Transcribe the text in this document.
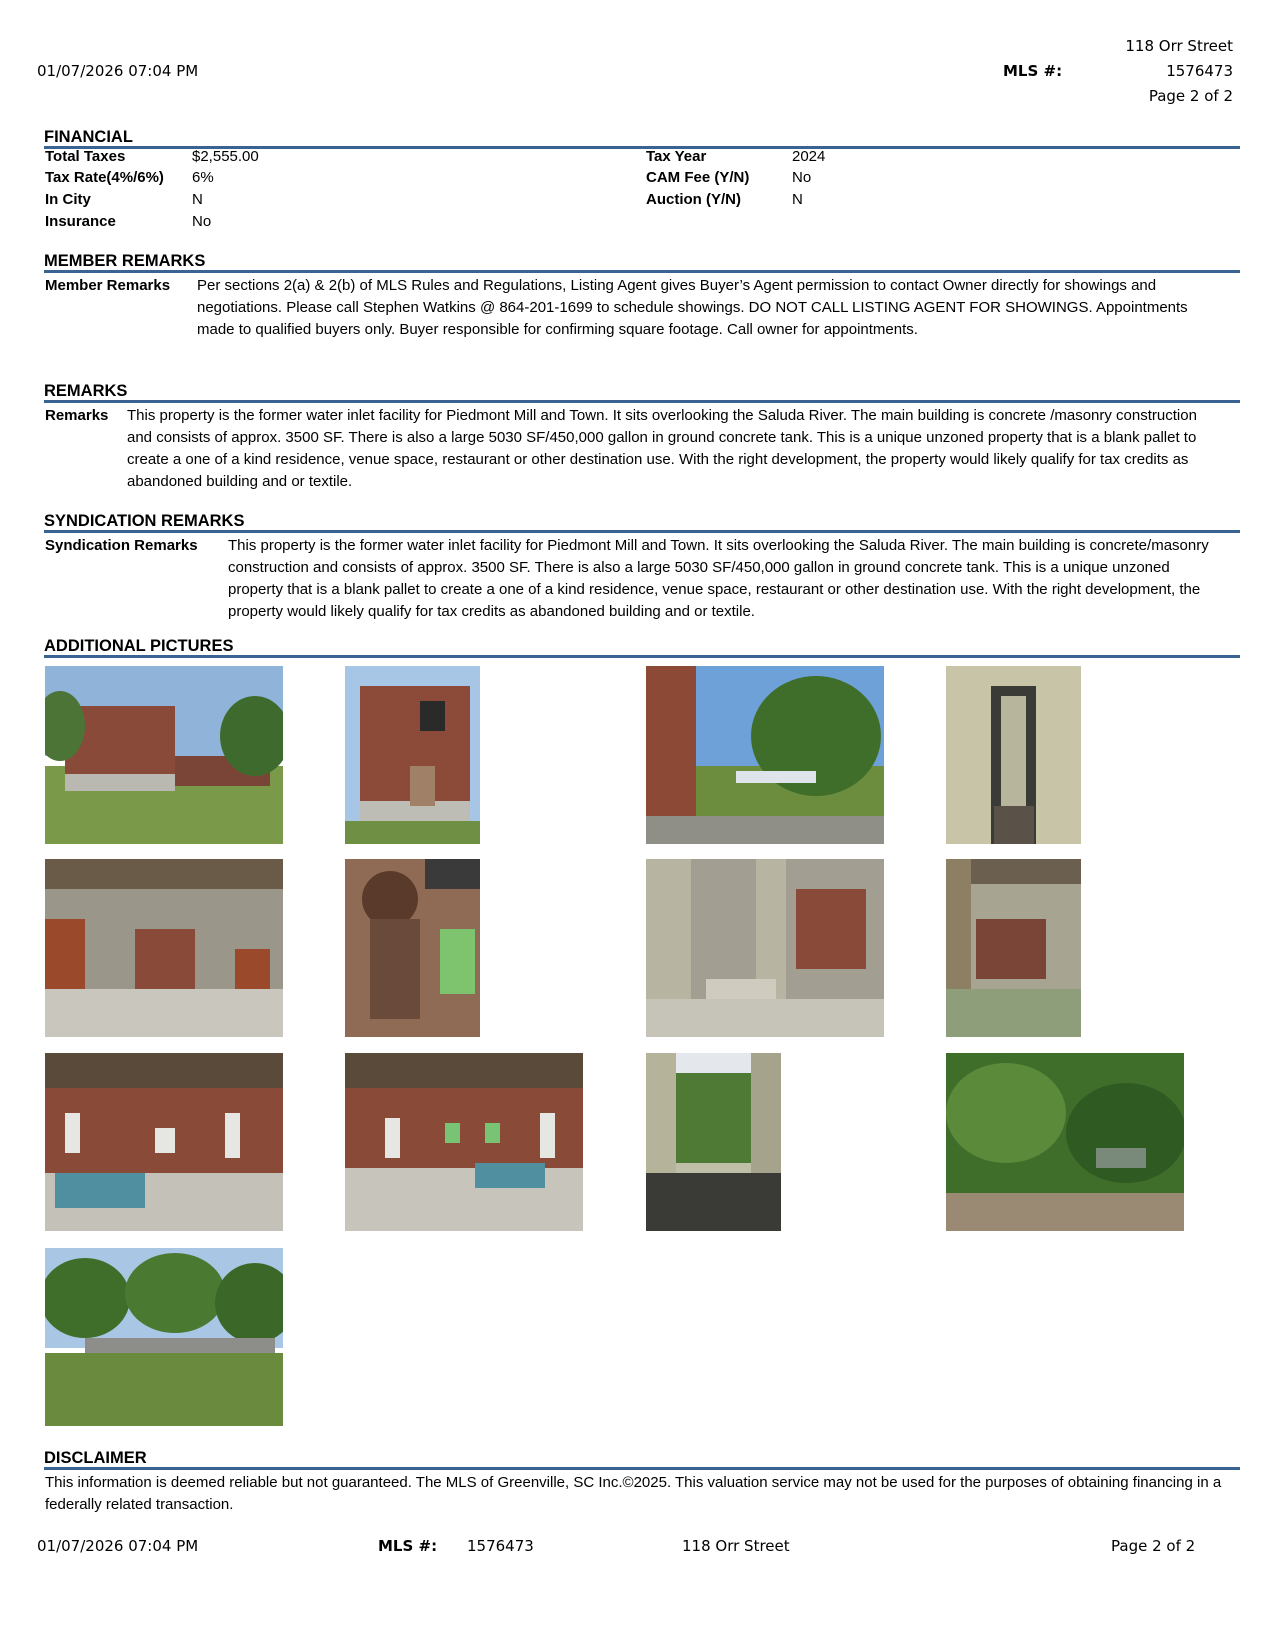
01/07/2026 07:04 PM
118 Orr Street
MLS #:	1576473
Page 2 of 2
FINANCIAL
Total Taxes	$2,555.00
Tax Rate(4%/6%) 6%
In City	N
Insurance	No
Tax Year	2024
CAM Fee (Y/N)	No
Auction (Y/N)	N
MEMBER REMARKS
Member Remarks Per sections 2(a) & 2(b) of MLS Rules and Regulations, Listing Agent gives Buyer’s Agent permission to contact Owner directly for showings and negotiations. Please call Stephen Watkins @ 864-201-1699 to schedule showings. DO NOT CALL LISTING AGENT FOR SHOWINGS. Appointments made to qualified buyers only. Buyer responsible for confirming square footage. Call owner for appointments.
REMARKS
Remarks This property is the former water inlet facility for Piedmont Mill and Town. It sits overlooking the Saluda River. The main building is concrete /masonry construction and consists of approx. 3500 SF. There is also a large 5030 SF/450,000 gallon in ground concrete tank. This is a unique unzoned property that is a blank pallet to create a one of a kind residence, venue space, restaurant or other destination use. With the right development, the property would likely qualify for tax credits as abandoned building and or textile.
SYNDICATION REMARKS
Syndication Remarks This property is the former water inlet facility for Piedmont Mill and Town. It sits overlooking the Saluda River. The main building is concrete/masonry construction and consists of approx. 3500 SF. There is also a large 5030 SF/450,000 gallon in ground concrete tank. This is a unique unzoned property that is a blank pallet to create a one of a kind residence, venue space, restaurant or other destination use. With the right development, the property would likely qualify for tax credits as abandoned building and or textile.
ADDITIONAL PICTURES
DISCLAIMER
This information is deemed reliable but not guaranteed. The MLS of Greenville, SC Inc.©2025. This valuation service may not be used for the purposes of obtaining financing in a federally related transaction.
01/07/2026 07:04 PM	MLS #: 1576473	118 Orr Street	Page 2 of 2
